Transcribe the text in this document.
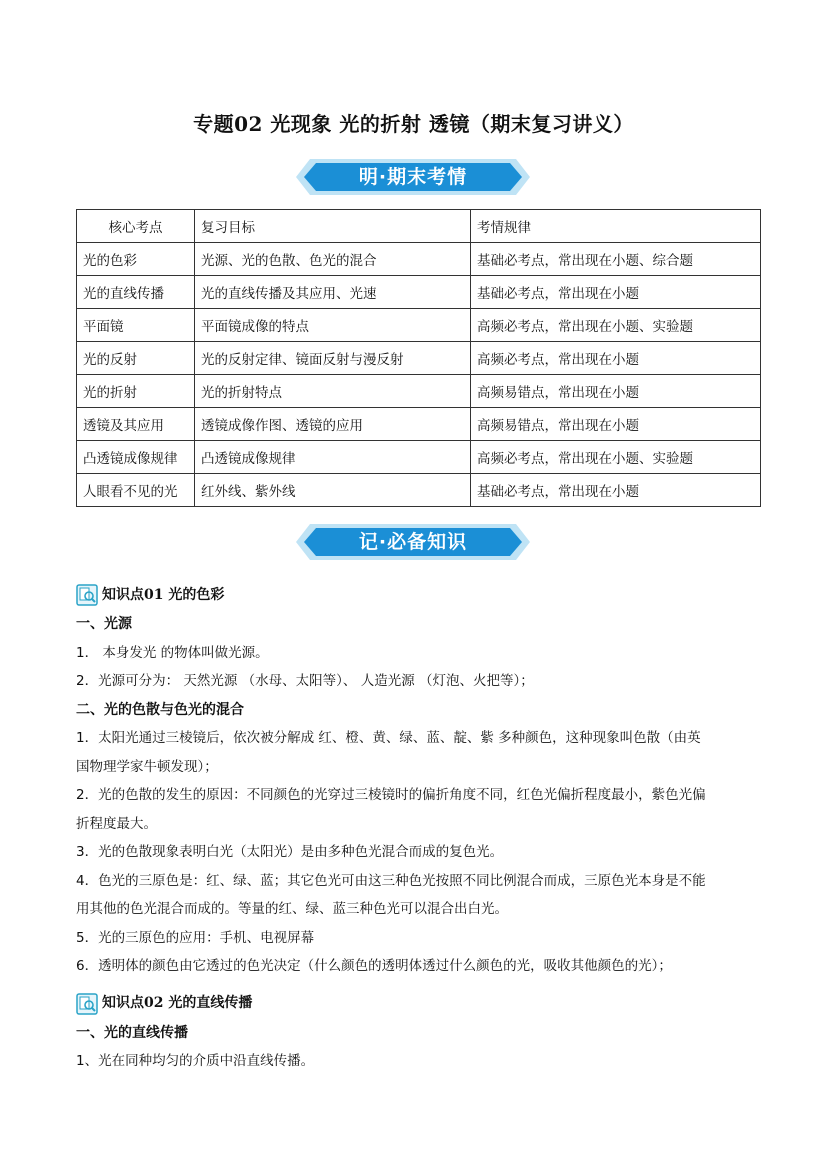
专题02 光现象 光的折射 透镜（期末复习讲义）
明·期末考情
核心考点	复习目标	考情规律
光的色彩	光源、光的色散、色光的混合	基础必考点，常出现在小题、综合题
光的直线传播	光的直线传播及其应用、光速	基础必考点，常出现在小题
平面镜	平面镜成像的特点	高频必考点，常出现在小题、实验题
光的反射	光的反射定律、镜面反射与漫反射	高频必考点，常出现在小题
光的折射	光的折射特点	高频易错点，常出现在小题
透镜及其应用	透镜成像作图、透镜的应用	高频易错点，常出现在小题
凸透镜成像规律	凸透镜成像规律	高频必考点，常出现在小题、实验题
人眼看不见的光	红外线、紫外线	基础必考点，常出现在小题
记·必备知识
知识点01 光的色彩
一、光源
1． 本身发光 的物体叫做光源。
2．光源可分为： 天然光源 （水母、太阳等）、 人造光源 （灯泡、火把等）；
二、光的色散与色光的混合
1．太阳光通过三棱镜后，依次被分解成 红、橙、黄、绿、蓝、靛、紫 多种颜色，这种现象叫色散（由英
国物理学家牛顿发现）；
2．光的色散的发生的原因：不同颜色的光穿过三棱镜时的偏折角度不同，红色光偏折程度最小，紫色光偏
折程度最大。
3．光的色散现象表明白光（太阳光）是由多种色光混合而成的复色光。
4．色光的三原色是：红、绿、蓝；其它色光可由这三种色光按照不同比例混合而成，三原色光本身是不能
用其他的色光混合而成的。等量的红、绿、蓝三种色光可以混合出白光。
5．光的三原色的应用：手机、电视屏幕
6．透明体的颜色由它透过的色光决定（什么颜色的透明体透过什么颜色的光，吸收其他颜色的光）；
知识点02 光的直线传播
一、光的直线传播
1、光在同种均匀的介质中沿直线传播。
